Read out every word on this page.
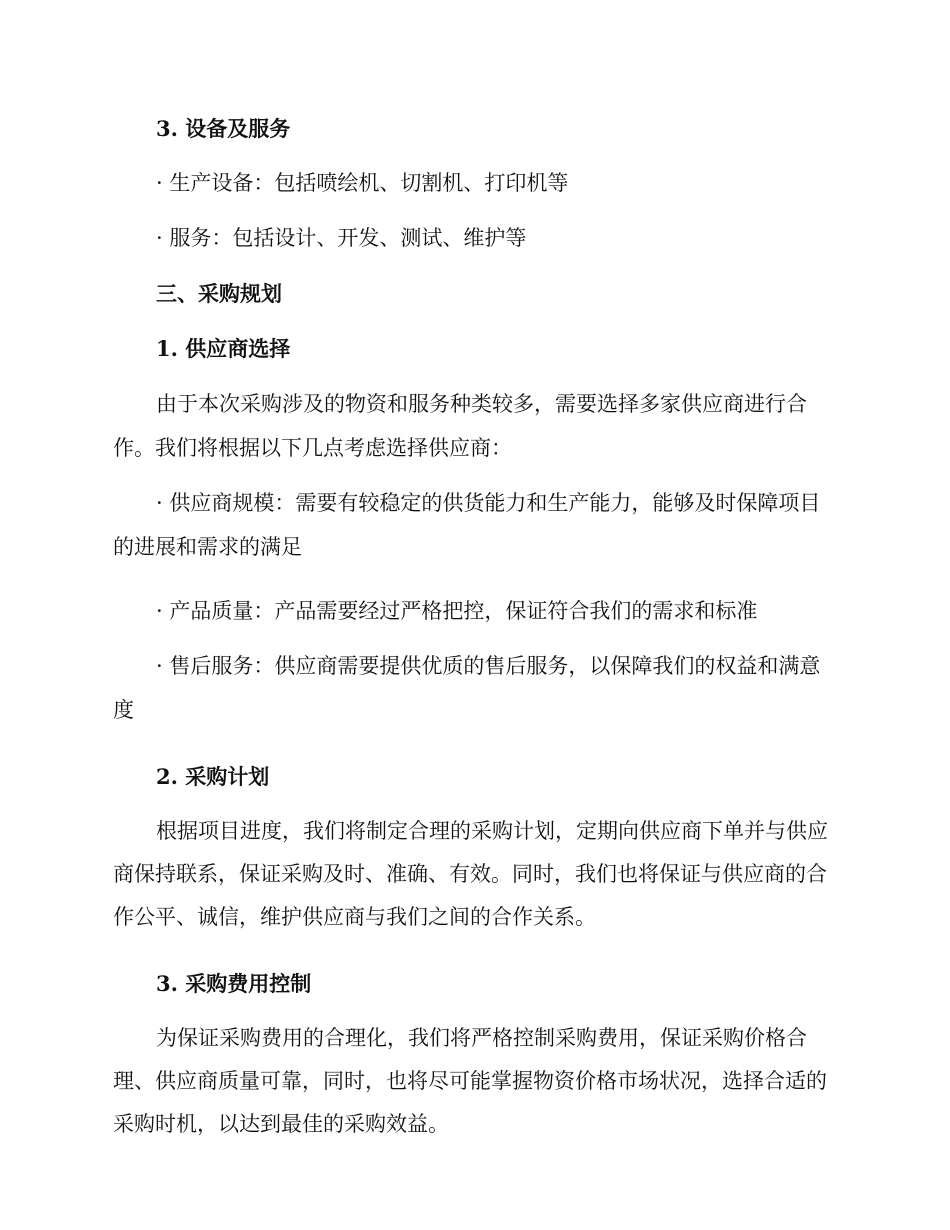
3. 设备及服务

· 生产设备：包括喷绘机、切割机、打印机等

· 服务：包括设计、开发、测试、维护等

三、采购规划

1. 供应商选择

由于本次采购涉及的物资和服务种类较多，需要选择多家供应商进行合作。我们将根据以下几点考虑选择供应商：

· 供应商规模：需要有较稳定的供货能力和生产能力，能够及时保障项目的进展和需求的满足

· 产品质量：产品需要经过严格把控，保证符合我们的需求和标准

· 售后服务：供应商需要提供优质的售后服务，以保障我们的权益和满意度

2. 采购计划

根据项目进度，我们将制定合理的采购计划，定期向供应商下单并与供应商保持联系，保证采购及时、准确、有效。同时，我们也将保证与供应商的合作公平、诚信，维护供应商与我们之间的合作关系。

3. 采购费用控制

为保证采购费用的合理化，我们将严格控制采购费用，保证采购价格合理、供应商质量可靠，同时，也将尽可能掌握物资价格市场状况，选择合适的采购时机，以达到最佳的采购效益。
